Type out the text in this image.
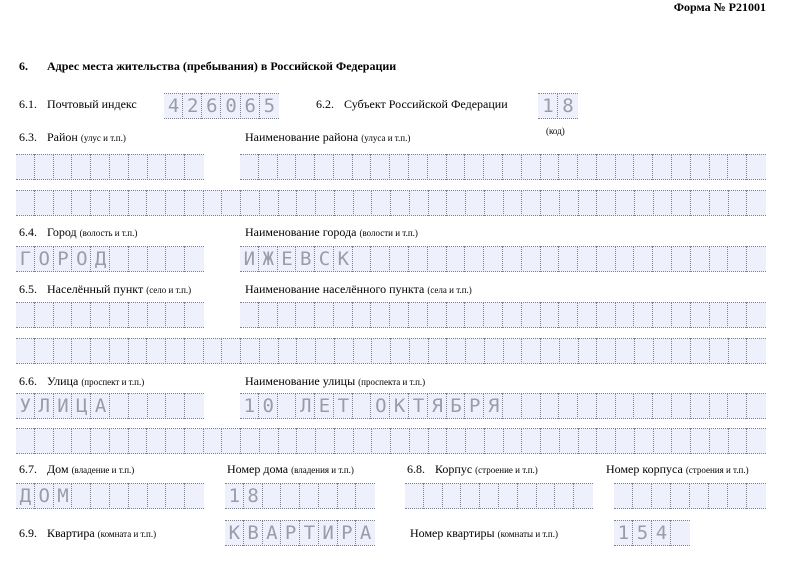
Форма № Р21001
6. Адрес места жительства (пребывания) в Российской Федерации
6.1. Почтовый индекс 4 2 6 0 6 5	6.2. Субъект Российской Федерации 1 8
(код)
6.3. Район (улус и т.п.)	Наименование района (улуса и т.п.)
6.4. Город (волость и т.п.)	Наименование города (волости и т.п.)
Г О Р О Д	И Ж Е В С К
6.5. Населённый пункт (село и т.п.)	Наименование населённого пункта (села и т.п.)
6.6. Улица (проспект и т.п.)	Наименование улицы (проспекта и т.п.)
У Л И Ц А	1 0 Л Е Т О К Т Я Б Р Я
6.7. Дом (владение и т.п.)	Номер дома (владения и т.п.)	6.8. Корпус (строение и т.п.)	Номер корпуса (строения и т.п.)
Д О М	1 8
6.9. Квартира (комната и т.п.)	К В А Р Т И Р А	Номер квартиры (комнаты и т.п.)	1 5 4
